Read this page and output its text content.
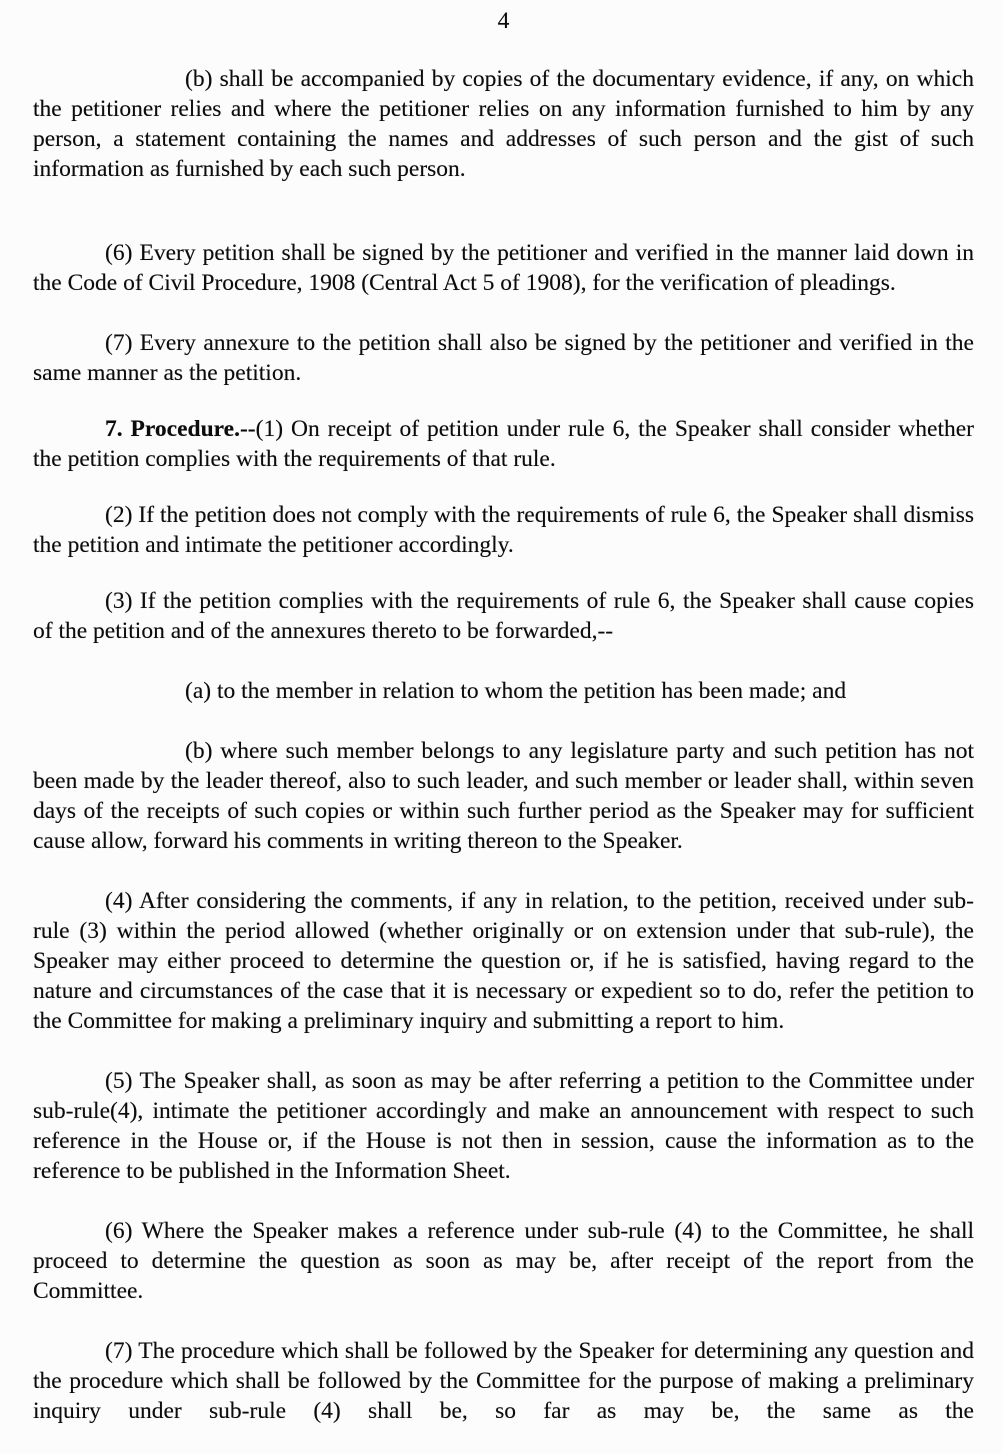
4

(b) shall be accompanied by copies of the documentary evidence, if any, on which the petitioner relies and where the petitioner relies on any information furnished to him by any person, a statement containing the names and addresses of such person and the gist of such information as furnished by each such person.

(6) Every petition shall be signed by the petitioner and verified in the manner laid down in the Code of Civil Procedure, 1908 (Central Act 5 of 1908), for the verification of pleadings.

(7) Every annexure to the petition shall also be signed by the petitioner and verified in the same manner as the petition.

7. Procedure.--(1) On receipt of petition under rule 6, the Speaker shall consider whether the petition complies with the requirements of that rule.

(2) If the petition does not comply with the requirements of rule 6, the Speaker shall dismiss the petition and intimate the petitioner accordingly.

(3) If the petition complies with the requirements of rule 6, the Speaker shall cause copies of the petition and of the annexures thereto to be forwarded,--

(a) to the member in relation to whom the petition has been made; and

(b) where such member belongs to any legislature party and such petition has not been made by the leader thereof, also to such leader, and such member or leader shall, within seven days of the receipts of such copies or within such further period as the Speaker may for sufficient cause allow, forward his comments in writing thereon to the Speaker.

(4) After considering the comments, if any in relation, to the petition, received under sub-rule (3) within the period allowed (whether originally or on extension under that sub-rule), the Speaker may either proceed to determine the question or, if he is satisfied, having regard to the nature and circumstances of the case that it is necessary or expedient so to do, refer the petition to the Committee for making a preliminary inquiry and submitting a report to him.

(5) The Speaker shall, as soon as may be after referring a petition to the Committee under sub-rule(4), intimate the petitioner accordingly and make an announcement with respect to such reference in the House or, if the House is not then in session, cause the information as to the reference to be published in the Information Sheet.

(6) Where the Speaker makes a reference under sub-rule (4) to the Committee, he shall proceed to determine the question as soon as may be, after receipt of the report from the Committee.

(7) The procedure which shall be followed by the Speaker for determining any question and the procedure which shall be followed by the Committee for the purpose of making a preliminary inquiry under sub-rule (4) shall be, so far as may be, the same as the
